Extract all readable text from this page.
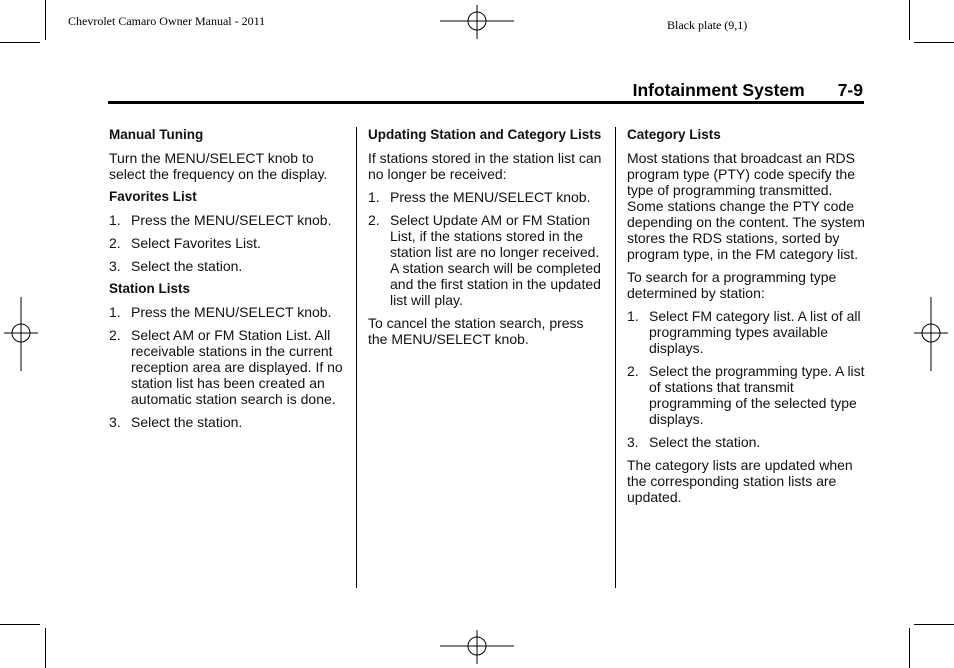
Chevrolet Camaro Owner Manual - 2011	Black plate (9,1)
Infotainment System 7-9
Manual Tuning
Turn the MENU/SELECT knob to select the frequency on the display.
Favorites List
1. Press the MENU/SELECT knob.
2. Select Favorites List.
3. Select the station.
Station Lists
1. Press the MENU/SELECT knob.
2. Select AM or FM Station List. All receivable stations in the current reception area are displayed. If no station list has been created an automatic station search is done.
3. Select the station.
Updating Station and Category Lists
If stations stored in the station list can no longer be received:
1. Press the MENU/SELECT knob.
2. Select Update AM or FM Station List, if the stations stored in the station list are no longer received. A station search will be completed and the first station in the updated list will play.
To cancel the station search, press the MENU/SELECT knob.
Category Lists
Most stations that broadcast an RDS program type (PTY) code specify the type of programming transmitted. Some stations change the PTY code depending on the content. The system stores the RDS stations, sorted by program type, in the FM category list.
To search for a programming type determined by station:
1. Select FM category list. A list of all programming types available displays.
2. Select the programming type. A list of stations that transmit programming of the selected type displays.
3. Select the station.
The category lists are updated when the corresponding station lists are updated.
